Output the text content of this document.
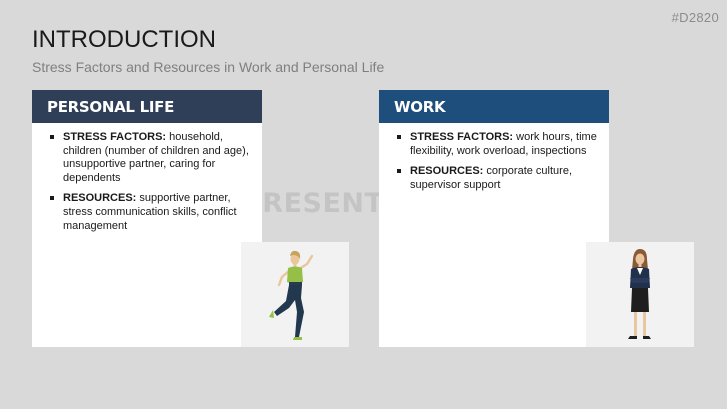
#D2820
INTRODUCTION
Stress Factors and Resources in Work and Personal Life
PERSONAL LIFE
STRESS FACTORS: household, children (number of children and age), unsupportive partner, caring for dependents
RESOURCES: supportive partner, stress communication skills, conflict management
WORK
STRESS FACTORS: work hours, time flexibility, work overload, inspections
RESOURCES: corporate culture, supervisor support
